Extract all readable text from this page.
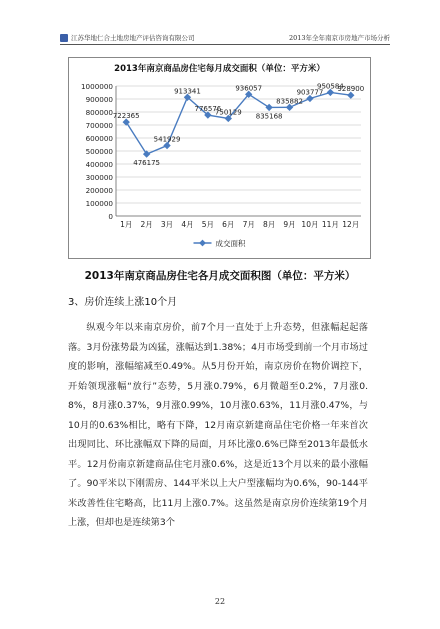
江苏华地仁合土地房地产评估咨询有限公司	2013年全年南京市房地产市场分析
2013年南京商品房住宅每月成交面积（单位：平方米）
0
100000
200000
300000
400000
500000
600000
700000
800000
900000
1000000
1月 2月 3月 4月 5月 6月 7月 8月 9月 10月 11月 12月
722365
476175
541929
913341
776576
750129
936057
835168
835882
903777
950584
928900
成交面积
2013年南京商品房住宅各月成交面积图（单位：平方米）
3、房价连续上涨10个月
纵观今年以来南京房价，前7个月一直处于上升态势，但涨幅起起落落。3月份涨势最为凶猛，涨幅达到1.38%；4月市场受到前一个月市场过度的影响，涨幅缩减至0.49%。从5月份开始，南京房价在物价调控下，开始领现涨幅“放行”态势，5月涨0.79%，6月微超至0.2%，7月涨0.8%，8月涨0.37%，9月涨0.99%，10月涨0.63%，11月涨0.47%，与10月的0.63%相比，略有下降，12月南京新建商品住宅价格一年来首次出现同比、环比涨幅双下降的局面，月环比涨0.6%已降至2013年最低水平。12月份南京新建商品住宅月涨0.6%，这是近13个月以来的最小涨幅了。90平米以下刚需房、144平米以上大户型涨幅均为0.6%，90-144平米改善性住宅略高，比11月上涨0.7%。这虽然是南京房价连续第19个月上涨，但却也是连续第3个
22
